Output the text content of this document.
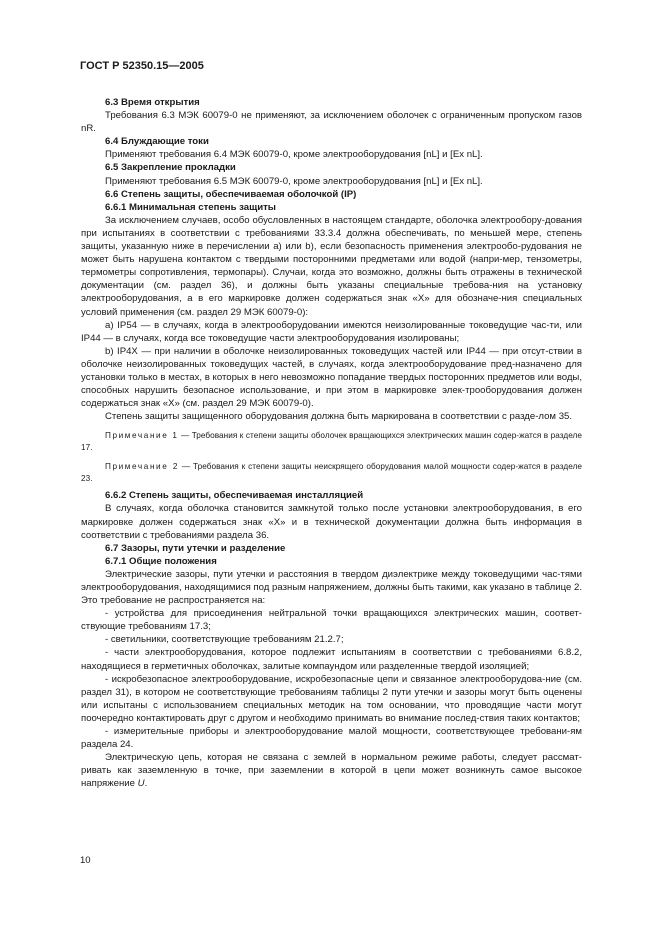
ГОСТ Р 52350.15—2005

6.3 Время открытия

Требования 6.3 МЭК 60079-0 не применяют, за исключением оболочек с ограниченным пропуском газов nR.

6.4 Блуждающие токи

Применяют требования 6.4 МЭК 60079-0, кроме электрооборудования [nL] и [Ex nL].

6.5 Закрепление прокладки

Применяют требования 6.5 МЭК 60079-0, кроме электрооборудования [nL] и [Ex nL].

6.6 Степень защиты, обеспечиваемая оболочкой (IP)

6.6.1 Минимальная степень защиты

За исключением случаев, особо обусловленных в настоящем стандарте, оболочка электрообору-дования при испытаниях в соответствии с требованиями 33.3.4 должна обеспечивать, по меньшей мере, степень защиты, указанную ниже в перечислении а) или b), если безопасность применения электрообо-рудования не может быть нарушена контактом с твердыми посторонними предметами или водой (напри-мер, тензометры, термометры сопротивления, термопары). Случаи, когда это возможно, должны быть отражены в технической документации (см. раздел 36), и должны быть указаны специальные требова-ния на установку электрооборудования, а в его маркировке должен содержаться знак «X» для обозначе-ния специальных условий применения (см. раздел 29 МЭК 60079-0):

а) IP54 — в случаях, когда в электрооборудовании имеются неизолированные токоведущие час-ти, или IP44 — в случаях, когда все токоведущие части электрооборудования изолированы;

b) IP4X — при наличии в оболочке неизолированных токоведущих частей или IP44 — при отсут-ствии в оболочке неизолированных токоведущих частей, в случаях, когда электрооборудование пред-назначено для установки только в местах, в которых в него невозможно попадание твердых посторонних предметов или воды, способных нарушить безопасное использование, и при этом в маркировке элек-трооборудования должен содержаться знак «X» (см. раздел 29 МЭК 60079-0).

Степень защиты защищенного оборудования должна быть маркирована в соответствии с разде-лом 35.

Примечание 1 — Требования к степени защиты оболочек вращающихся электрических машин содер-жатся в разделе 17.

Примечание 2 — Требования к степени защиты неискрящего оборудования малой мощности содер-жатся в разделе 23.

6.6.2 Степень защиты, обеспечиваемая инсталляцией

В случаях, когда оболочка становится замкнутой только после установки электрооборудования, в его маркировке должен содержаться знак «X» и в технической документации должна быть информация в соответствии с требованиями раздела 36.

6.7 Зазоры, пути утечки и разделение

6.7.1 Общие положения

Электрические зазоры, пути утечки и расстояния в твердом диэлектрике между токоведущими час-тями электрооборудования, находящимися под разным напряжением, должны быть такими, как указано в таблице 2. Это требование не распространяется на:

- устройства для присоединения нейтральной точки вращающихся электрических машин, соответ-ствующие требованиям 17.3;

- светильники, соответствующие требованиям 21.2.7;

- части электрооборудования, которое подлежит испытаниям в соответствии с требованиями 6.8.2, находящиеся в герметичных оболочках, залитые компаундом или разделенные твердой изоляцией;

- искробезопасное электрооборудование, искробезопасные цепи и связанное электрооборудова-ние (см. раздел 31), в котором не соответствующие требованиям таблицы 2 пути утечки и зазоры могут быть оценены или испытаны с использованием специальных методик на том основании, что проводящие части могут поочередно контактировать друг с другом и необходимо принимать во внимание послед-ствия таких контактов;

- измерительные приборы и электрооборудование малой мощности, соответствующее требовани-ям раздела 24.

Электрическую цепь, которая не связана с землей в нормальном режиме работы, следует рассмат-ривать как заземленную в точке, при заземлении в которой в цепи может возникнуть самое высокое напряжение U.

10
